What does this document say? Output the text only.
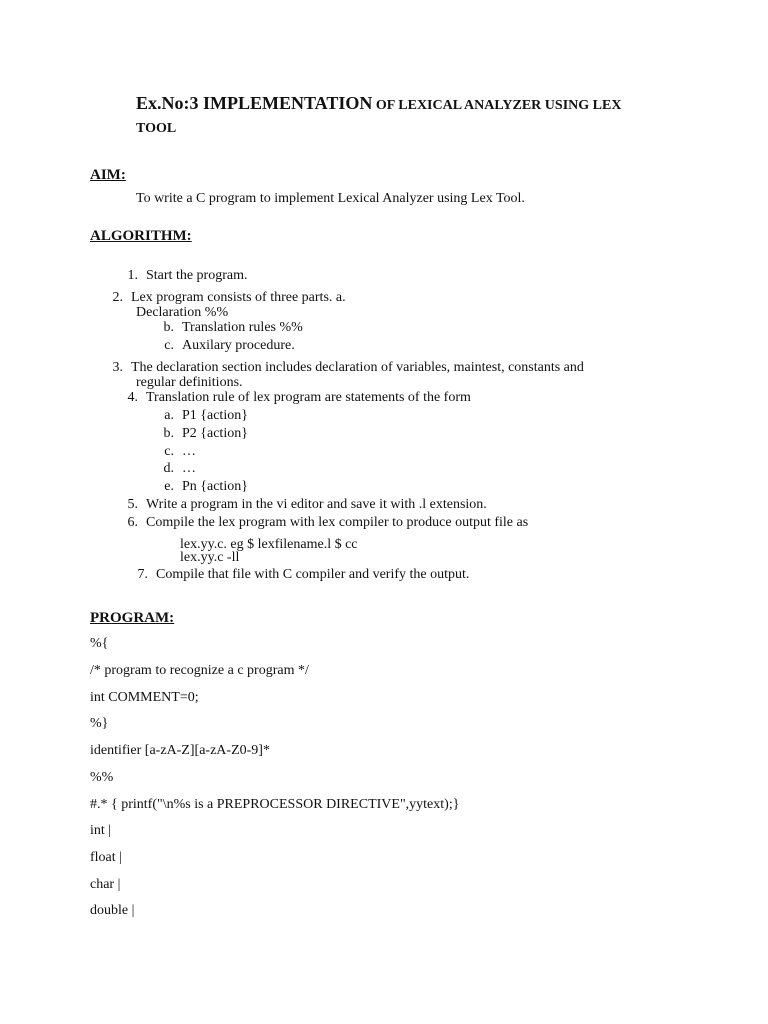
Ex.No:3 IMPLEMENTATION OF LEXICAL ANALYZER USING LEX
TOOL
AIM:
To write a C program to implement Lexical Analyzer using Lex Tool.
ALGORITHM:
1. Start the program.
2. Lex program consists of three parts. a.
Declaration %%
b. Translation rules %%
c. Auxilary procedure.
3. The declaration section includes declaration of variables, maintest, constants and
regular definitions.
4. Translation rule of lex program are statements of the form
a. P1 {action}
b. P2 {action}
c. …
d. …
e. Pn {action}
5. Write a program in the vi editor and save it with .l extension.
6. Compile the lex program with lex compiler to produce output file as
lex.yy.c. eg $ lexfilename.l $ cc
lex.yy.c -ll
7. Compile that file with C compiler and verify the output.
PROGRAM:
%{
/* program to recognize a c program */
int COMMENT=0;
%}
identifier [a-zA-Z][a-zA-Z0-9]*
%%
#.* { printf("\n%s is a PREPROCESSOR DIRECTIVE",yytext);}
int |
float |
char |
double |
